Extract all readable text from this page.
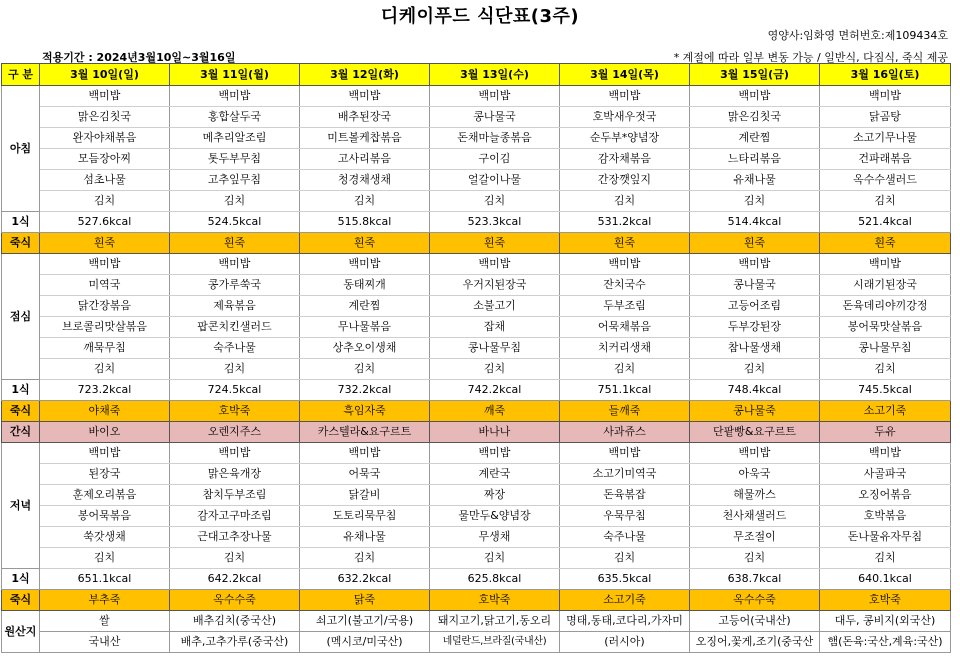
디케이푸드 식단표(3주)
영양사:임화영 면허번호:제109434호
적용기간 : 2024년3월10일~3월16일	* 계절에 따라 일부 변동 가능 / 일반식, 다짐식, 죽식 제공
구 분	3월 10일(일)	3월 11일(월)	3월 12일(화)	3월 13일(수)	3월 14일(목)	3월 15일(금)	3월 16일(토)
아침	백미밥	백미밥	백미밥	백미밥	백미밥	백미밥	백미밥
	맑은김칫국	홍합살두국	배추된장국	콩나물국	호박새우젓국	맑은김칫국	닭곰탕
	완자야채볶음	메추리알조림	미트볼케찹볶음	돈채마늘종볶음	순두부*양념장	계란찜	소고기무나물
	모듬장아찌	톳두부무침	고사리볶음	구이김	감자채볶음	느타리볶음	건파래볶음
	섬초나물	고추잎무침	청경채생채	얼갈이나물	간장깻잎지	유채나물	옥수수샐러드
	김치	김치	김치	김치	김치	김치	김치
1식	527.6kcal	524.5kcal	515.8kcal	523.3kcal	531.2kcal	514.4kcal	521.4kcal
죽식	흰죽	흰죽	흰죽	흰죽	흰죽	흰죽	흰죽
점심	백미밥	백미밥	백미밥	백미밥	백미밥	백미밥	백미밥
	미역국	콩가루쑥국	동태찌개	우거지된장국	잔치국수	콩나물국	시래기된장국
	닭간장볶음	제육볶음	계란찜	소불고기	두부조림	고등어조림	돈육데리야끼강정
	브로콜리맛살볶음	팝콘치킨샐러드	무나물볶음	잡채	어묵채볶음	두부강된장	봉어묵맛살볶음
	깨묵무침	숙주나물	상추오이생채	콩나물무침	치커리생채	참나물생채	콩나물무침
	김치	김치	김치	김치	김치	김치	김치
1식	723.2kcal	724.5kcal	732.2kcal	742.2kcal	751.1kcal	748.4kcal	745.5kcal
죽식	야채죽	호박죽	흑임자죽	깨죽	들깨죽	콩나물죽	소고기죽
간식	바이오	오렌지주스	카스텔라&요구르트	바나나	사과쥬스	단팥빵&요구르트	두유
저녁	백미밥	백미밥	백미밥	백미밥	백미밥	백미밥	백미밥
	된장국	맑은육개장	어묵국	계란국	소고기미역국	아욱국	사골파국
	훈제오리볶음	참치두부조림	닭갈비	짜장	돈육볶잡	해물까스	오징어볶음
	봉어묵볶음	감자고구마조림	도토리묵무침	물만두&양념장	우묵무침	천사채샐러드	호박볶음
	쑥갓생채	근대고추장나물	유채나물	무생채	숙주나물	무조절이	돈나물유자무침
	김치	김치	김치	김치	김치	김치	김치
1식	651.1kcal	642.2kcal	632.2kcal	625.8kcal	635.5kcal	638.7kcal	640.1kcal
죽식	부추죽	옥수수죽	닭죽	호박죽	소고기죽	옥수수죽	호박죽
원산지	쌀	배추김치(중국산)	쇠고기(불고기/국용)	돼지고기,닭고기,동오리	명태,동태,코다리,가자미	고등어(국내산)	대두, 콩비지(외국산)
	국내산	배추,고추가루(중국산)	(멕시코/미국산)	네덜란드,브라질(국내산)	(러시아)	오징어,꽃게,조기(중국산	햄(돈육:국산,계육:국산)
